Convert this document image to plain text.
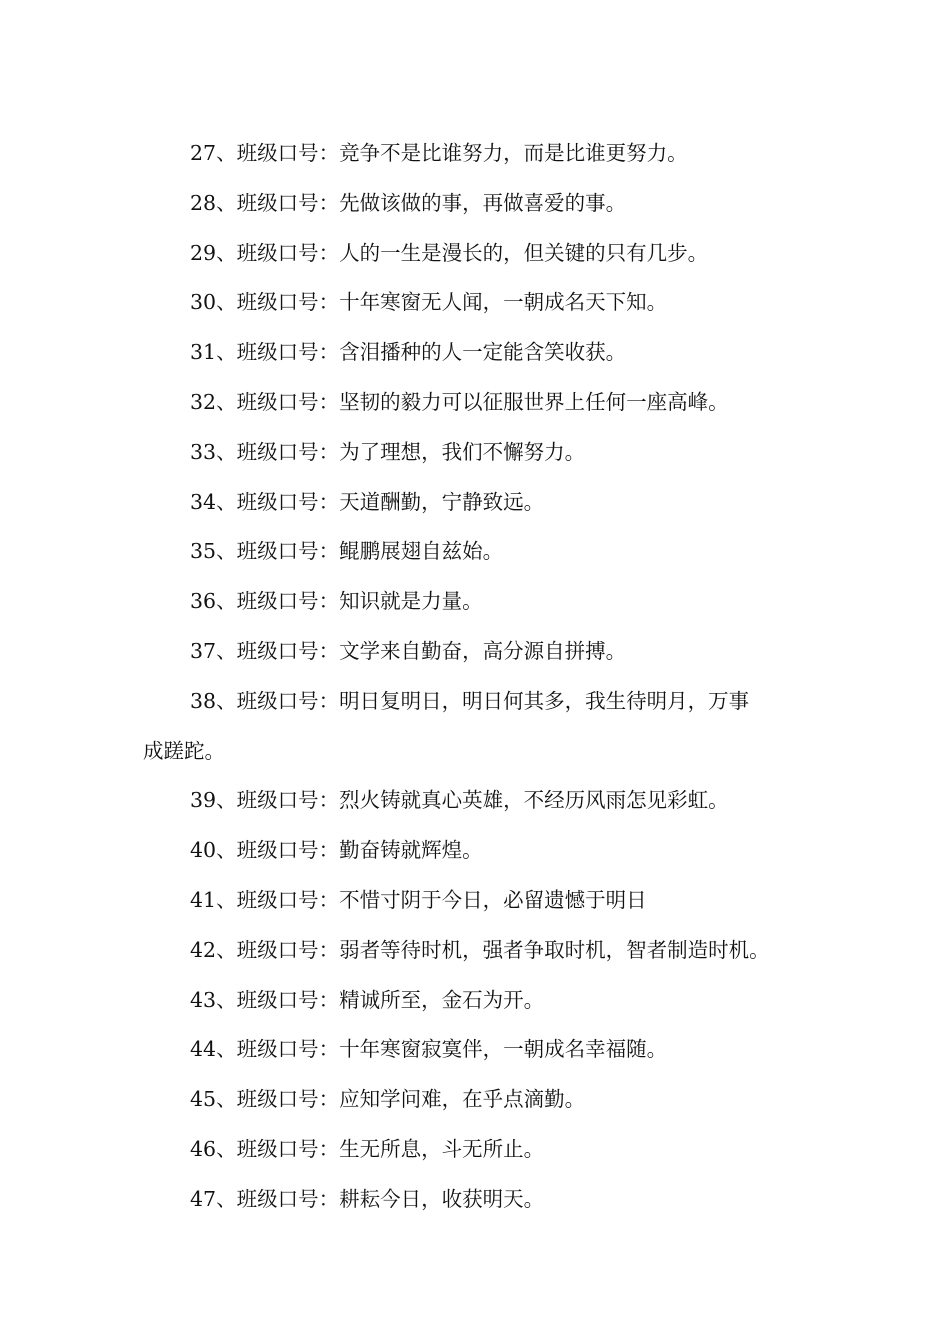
27、班级口号：竞争不是比谁努力，而是比谁更努力。
28、班级口号：先做该做的事，再做喜爱的事。
29、班级口号：人的一生是漫长的，但关键的只有几步。
30、班级口号：十年寒窗无人闻，一朝成名天下知。
31、班级口号：含泪播种的人一定能含笑收获。
32、班级口号：坚韧的毅力可以征服世界上任何一座高峰。
33、班级口号：为了理想，我们不懈努力。
34、班级口号：天道酬勤，宁静致远。
35、班级口号：鲲鹏展翅自兹始。
36、班级口号：知识就是力量。
37、班级口号：文学来自勤奋，高分源自拼搏。
38、班级口号：明日复明日，明日何其多，我生待明月，万事
成蹉跎。
39、班级口号：烈火铸就真心英雄，不经历风雨怎见彩虹。
40、班级口号：勤奋铸就辉煌。
41、班级口号：不惜寸阴于今日，必留遗憾于明日
42、班级口号：弱者等待时机，强者争取时机，智者制造时机。
43、班级口号：精诚所至，金石为开。
44、班级口号：十年寒窗寂寞伴，一朝成名幸福随。
45、班级口号：应知学问难，在乎点滴勤。
46、班级口号：生无所息，斗无所止。
47、班级口号：耕耘今日，收获明天。
